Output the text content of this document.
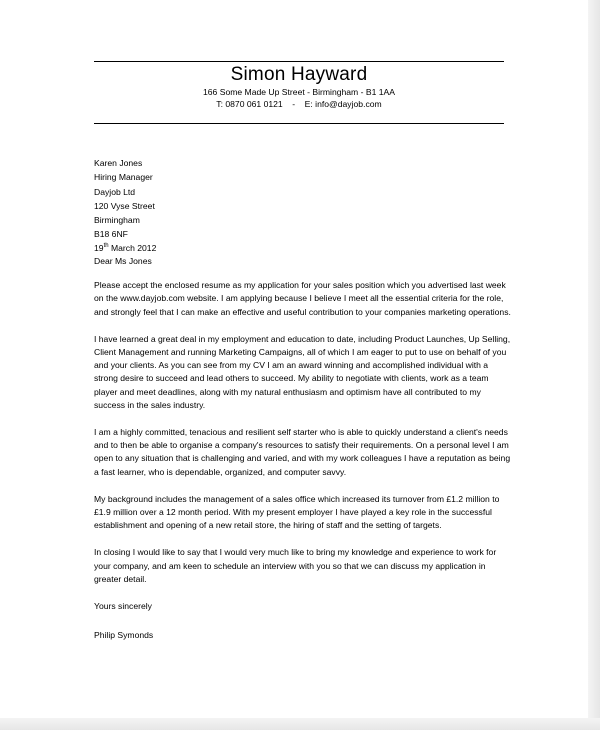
Simon Hayward
166 Some Made Up Street - Birmingham - B1 1AA
T: 0870 061 0121    -    E: info@dayjob.com
Karen Jones
Hiring Manager
Dayjob Ltd
120 Vyse Street
Birmingham
B18 6NF

19th March 2012

Dear Ms Jones

Please accept the enclosed resume as my application for your sales position which you advertised last week on the www.dayjob.com website. I am applying because I believe I meet all the essential criteria for the role, and strongly feel that I can make an effective and useful contribution to your companies marketing operations.

I have learned a great deal in my employment and education to date, including Product Launches, Up Selling, Client Management and running Marketing Campaigns, all of which I am eager to put to use on behalf of you and your clients. As you can see from my CV I am an award winning and accomplished individual with a strong desire to succeed and lead others to succeed. My ability to negotiate with clients, work as a team player and meet deadlines, along with my natural enthusiasm and optimism have all contributed to my success in the sales industry.

I am a highly committed, tenacious and resilient self starter who is able to quickly understand a client's needs and to then be able to organise a company's resources to satisfy their requirements. On a personal level I am open to any situation that is challenging and varied, and with my work colleagues I have a reputation as being a fast learner, who is dependable, organized, and computer savvy.

My background includes the management of a sales office which increased its turnover from £1.2 million to £1.9 million over a 12 month period. With my present employer I have played a key role in the successful establishment and opening of a new retail store, the hiring of staff and the setting of targets.

In closing I would like to say that I would very much like to bring my knowledge and experience to work for your company, and am keen to schedule an interview with you so that we can discuss my application in greater detail.

Yours sincerely

Philip Symonds
